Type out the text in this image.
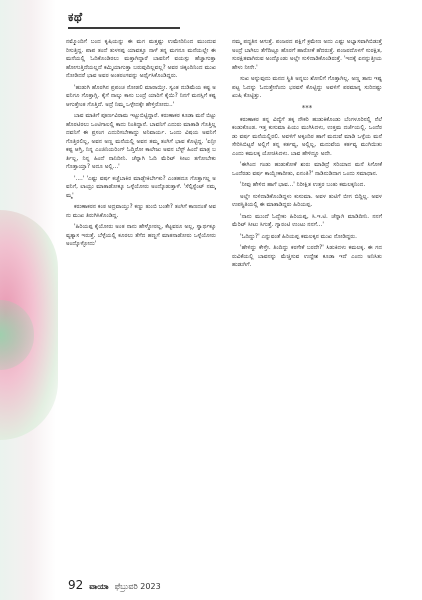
ಕಥೆ

ನಮ್ಮೊಂದಿಗೆ ಬಂದ ಕೃಷಿಯನ್ನು ಈ ಮಗ ಮತ್ತಷ್ಟು ಉಮೇದಿನಿಂದ ಮುಂದುವರಿಸುತ್ತಿದ್ದ. ಪಾಪ ತಂದೆ ತುಳಸಪ್ಪ ಯಾವತ್ತೂ ನಾಳೆ ತನ್ನ ಮಗನೂ ಮನೆಯಲ್ಲೇ ಈ ಮನೆಯಲ್ಲಿ ಓದಿಕೊಂಡಿರಲು ಮತ್ತಾಗಿದ್ದಾರೆ ಬಾವನಿಗೆ ವಯಸ್ಸು ಹೆಚ್ಚಾಗುತ್ತಾ ಹೋಗುತ್ತಿದೆಯಲ್ಲದೆ ಕಮ್ಮಿಯಾಗುತ್ತಾ ಬರುವುದಿಲ್ಲವಲ್ಲ? ಅವರ ಚಿಕ್ಕಂದಿನಿಂದ ಮುಖ ನೋಡಿದರೆ ಭಾವ ಅವರ ಅಂತರಂಗವನ್ನು ಅರ್ಥೈಸಿಕೊಂಡಿದ್ದರು.

'ಹುಡುಗಿ ಹೊರಗಿನ ಪ್ರಪಂಚ ನೋಡಲಿ ಮಾರಾಯ್ತೀ. ಸ್ವಂತ ದುಡಿಮೆಯ ಕಷ್ಟ ಅವನಿಗೂ ಗೊತ್ತಾಗ್ಲಿ. ಕೈಗೆ ನಾಲ್ಕು ಕಾಸು ಬಂದ್ರೆ ಯಾರಿಗೆ ಕೈಯಿ? ನಿನಗೆ ಮನಸ್ಸಿಗೆ ಕಷ್ಟ ಆಗುತ್ತೇಂತ ಗೊತ್ತಿದೆ. ಅದ್ರೆ ನಿಮ್ಮ ಒಳ್ಳೇದಕ್ಕೇ ಹೇಳ್ತಿರೋದು..'

ಬಾವ ಮಾತಿಗೆ ಪೂರ್ಣವಿರಾಮ ಇಟ್ಟುಬಿಟ್ಟಿದ್ದಾರೆ. ಕರುಣಾಕರ ಕೂಡಾ ಮನೆ ಬಿಟ್ಟು ಹೊರಟಿರಲು ಒಂಟಿಗಾಲಲ್ಲಿ ಕಾದು ನಿಂತಿದ್ದಾನೆ. ಬಾವನಿಗೆ ಎದುರು ಮಾತಾಡಿ ಗೊತ್ತಿಲ್ಲದವನಿಗೆ ಈ ಪ್ರಸಂಗ ಎದುರಿಸಬೇಕಾದ್ದು ಅನಿವಾರ್ಯ. ಒಂದು ವಿಷಯ ಅವನಿಗೆ ಗೊತ್ತಿರಲಿಲ್ಲ, ಅವನ ಅಣ್ಣ ಮನೆಯಲ್ಲಿ ಅವನ ತಮ್ಮ ತಂಗಿಗೆ ಭಾವ ಕೊಟ್ಟಿದ್ದ. 'ಏನ್ರೀ ಕಷ್ಟ ಆಗ್ತಿ, ನಿನ್ನ ಎಂಜಿನಿಯರಿಂಗ್ ಓದ್ತಿರೋ ಕಾಲೇಜು ಅವನ ಬೆಸ್ಟ್ ಹಿಂದೆ ಮಾತ್ರ ಬರ್ತಿಲ್ಲ, ನಿನ್ನ ಹಿಂದೆ ನಾನಿದೀನಿ. ಚೆನ್ನಾಗಿ ಓದಿ ಮೆರಿಟ್ ಸೀಟು ತಗೋಬೇಕು ಗೊತ್ತಾಯ್ತಾ? ಅದೂ ಅಲ್ಲಿ...'

'....' 'ಎಷ್ಟು ವರ್ಷ ಕಚ್ಚೆಬಾಕಿರ ಮಾಡ್ಬೇಕಿರ್ಬೇಕು? ಎಂತಹದೂ ಗೊತ್ತಾಗಲ್ಲ ಅವನಿಗೆ, ಲಾಯ್ರು ಮಾತಾಡೋಕ್ಕೂ ಒಳ್ಳೆಯೋರು ಅಂದ್ಕೊಡುತ್ತಾಳೆ. 'ಸೆಲ್ಫಿಸ್ಟೆಂಟ್ ನಮ್ಮಮ್ಮ'

ಕರುಣಾಕರನ ಕಂಠ ಅದ್ರವಾಯ್ತು? ಕಣ್ಣು ತುಂಬಿ ಬಂತೇ? ತಂಗಿಗೆ ಕಾಣದಂತೆ ಅವನು ಮುಖ ತಿರುಗಿಸಿಕೊಂಡಿದ್ದ.

'ಹಿರಿಯಪ್ಪ ಕೈಯೋರು ಅಂತ ನಾನು ಹೇಳ್ದೋರಲ್ಲ, ಕೆಟ್ಟವರೂ ಅಲ್ಲ, ಸ್ವಾರ್ಥಕ್ಕೂ ವ್ಯತ್ಯಾಸ ಇರುತ್ತೆ. ಬೆಳ್ಳೆಯಲ್ಲಿ ಕೂರಲು ತೆಗೆದ ಹಣ್ಣಗೆ ಮಾತನಾಡೋರು ಒಳ್ಳೆಯೋರು ಅಂದ್ಕೊಳ್ಳೋದು'

ನಮ್ಮ ಪದ್ಧತಿನ ಆಗುತ್ತೆ. ಪಂಜರದ ಪಕ್ಷಿಗೆ ಕ್ರಮೇಣ ಅದು ಎಷ್ಟು ಅಭ್ಯಾಸವಾಗಿಬಿಡುತ್ತೆ ಅಂದ್ರೆ ಬಾಗಿಲು ತೆಗೆದಿಟ್ಟೂ ಹೊರಗೆ ಹಾರೋಕೆ ಹೆದರುತ್ತೆ. ಪಂಜರದೊಳಗೆ ಸುರಕ್ಷಿತ, ಸುರಕ್ಷಿತವಾಗಿರುವ ಅಂದ್ಕೊಂಡು ಅಲ್ಲೇ ಸುಳಿದಾಡಿಕೊಂಡಿರುತ್ತೆ. 'ಇದಕ್ಕೆ ಏನನ್ನುತ್ತೀಯ ಹೇಳು ನೀನೇ.'

ಸುಖ ಅನ್ನುವುದು ಮನದ ಸ್ಥಿತಿ ಅನ್ನಲು ಶೋಲಿಗೆ ಗೊತ್ತಾಗಿಲ್ಲ. ಅಣ್ಣ ತಾನು ಇಷ್ಟಪಟ್ಟ ಓದನ್ನು ಓದುತ್ತೇನೆಂದು ಭರವಸೆ ಕೊಟ್ಟಿದ್ದು ಅವಳಿಗೆ ಪರಮಾನ್ನ ಸುರಿದಷ್ಟು ಖುಷಿ ಕೊಟ್ಟಿತ್ತು.

***

ಕರುಣಾಕರ ತನ್ನ ವಿದ್ಯೆಗೆ ತಕ್ಕ ನೌಕರಿ ಹುಡುಕಿಕೊಂಡು ಬೆಂಗಳೂರಿನಲ್ಲಿ ನೆಲೆ ಕಂಡುಕೊಂಡ. ಇತ್ತ ಕುಸುಮಾ ಪಿಯು ಮುಗಿಸಿದಳು, ಉತ್ತಮ ದರ್ಜೆಯಲ್ಲಿ. ಒಂದೆರಡು ವರ್ಷ ಮನೆಯಲ್ಲಿರಲಿ. ಅವಳಿಗೆ ಅಕ್ಕಂದಿರ ಹಾಗೆ ಮದುವೆ ಮಾಡಿ ಒಳ್ಳೆಯ ಮನೆ ಸೇರಿಸಿಬಿಟ್ಟರೆ ಅಲ್ಲಿಗೆ ತನ್ನ ಕರ್ತವ್ಯ, ಅಲ್ಲಿಲ್ಲ, ಮದುವೆಯ ಕರ್ತವ್ಯ ಮುಗಿಯಿತು ಎಂದು ಕಮಲಕ್ಕ ಯೋಚಿಸಿದಳು. ಬಾವ ಹೇಳಿದ್ದೂ ಅದೇ.

'ಈಗಿಂದ ಗಂಡು ಹುಡುಕೋಕೆ ಶುರು ಮಾಡಿದ್ರೆ ಸರಿಯಾದ ಮನೆ ಸಿಗೋಕೆ ಒಂದೆರಡು ವರ್ಷ ಕಾಯ್ಬೇಕಾದೀತು, ಏನಂತಿ?' ನಾಡಿನುಡಿದಾಗ ಒಂದು ಸಮಾಧಾನ.

'ನೀವು ಹೇಳಿದ ಹಾಗೆ ಭಾವ...' ನಿರೀಕ್ಷಿತ ಉತ್ತರ ಬಂತು ಕಮಲಕ್ಕನಿಂದ.

ಅಲ್ಲೇ ಸುಳಿದಾಡಿಕೊಂಡಿದ್ದಳು ಕುಸುಮಾ. ಅವಳ ತುಟಿಗೆ ಬೀಗ ಬಿದ್ದಿಲ್ಲ. ಅವಳ ಉಪಸ್ಥಿತಿಯಲ್ಲಿ ಈ ಮಾತಾಡಿದ್ದರು ಹಿರಿಯಪ್ಪ.

'ನಾನು ಮುಂದೆ ಓದ್ಬೇಕು ಹಿರಿಯಪ್ಪ, ಸಿ.ಇ.ಟಿ. ಚೆನ್ನಾಗಿ ಮಾಡಿದೀನಿ. ನನಗೆ ಮೆರಿಟ್ ಸೀಟು ಸಿಗುತ್ತೆ. ಗ್ಯಾರಂಟಿ ಉಂಟು ನನಗೆ...'

'ಓದಿದ್ದು?' ಎನ್ನುವಂತೆ ಹಿರಿಯಪ್ಪ ಕಮಲಕ್ಕನ ಮುಖ ನೋಡಿದ್ದರು.

'ಹೇಳಿದ್ದು ಕೇಳ್ತೇ. ತಿಂದಿದ್ದು ಕರಗೇಕೆ ಬರದೇ?' ಸಿಡುಕಿದಳು ಕಮಲಕ್ಕ. ಈ ಗದರುವಿಕೆಯಲ್ಲಿ ಬಾವನನ್ನು ಮೆಚ್ಚಿಸುವ ಉದ್ದೇಶ ಕೂಡಾ ಇದೆ ಎಂದು ಅನಿಸಿತು ಹುಡುಗಿಗೆ.

92 ವಾಯಾ ಫೆಬ್ರುವರಿ 2023
